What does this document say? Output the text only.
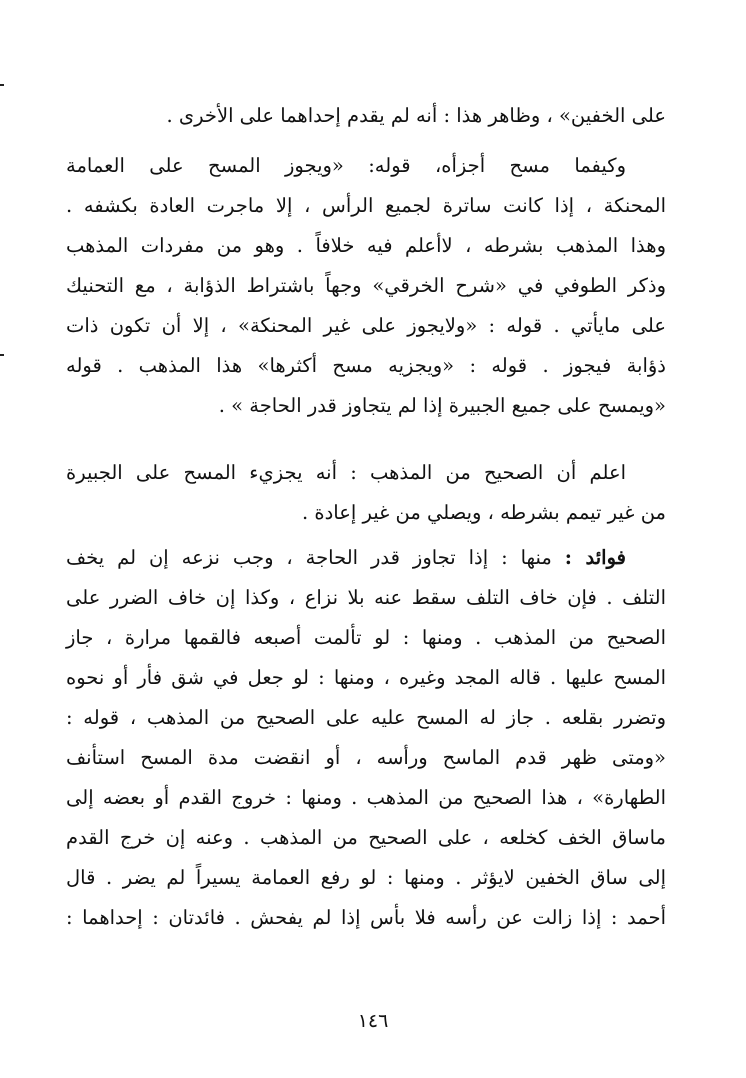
على الخفين» ، وظاهر هذا : أنه لم يقدم إحداهما على الأخرى .
وكيفما مسح أجزأه، قوله: «ويجوز المسح على العمامة
المحنكة ، إذا كانت ساترة لجميع الرأس ، إلا ماجرت العادة بكشفه .
وهذا المذهب بشرطه ، لاأعلم فيه خلافاً . وهو من مفردات المذهب
وذكر الطوفي في «شرح الخرقي» وجهاً باشتراط الذؤابة ، مع التحنيك
على مايأتي . قوله : «ولايجوز على غير المحنكة» ، إلا أن تكون ذات
ذؤابة فيجوز . قوله : «ويجزيه مسح أكثرها» هذا المذهب . قوله
«ويمسح على جميع الجبيرة إذا لم يتجاوز قدر الحاجة » .
اعلم أن الصحيح من المذهب : أنه يجزيء المسح على الجبيرة
من غير تيمم بشرطه ، ويصلي من غير إعادة .
فوائد : منها : إذا تجاوز قدر الحاجة ، وجب نزعه إن لم يخف
التلف . فإن خاف التلف سقط عنه بلا نزاع ، وكذا إن خاف الضرر على
الصحيح من المذهب . ومنها : لو تألمت أصبعه فالقمها مرارة ، جاز
المسح عليها . قاله المجد وغيره ، ومنها : لو جعل في شق فأر أو نحوه
وتضرر بقلعه . جاز له المسح عليه على الصحيح من المذهب ، قوله :
«ومتى ظهر قدم الماسح ورأسه ، أو انقضت مدة المسح استأنف
الطهارة» ، هذا الصحيح من المذهب . ومنها : خروج القدم أو بعضه إلى
ماساق الخف كخلعه ، على الصحيح من المذهب . وعنه إن خرج القدم
إلى ساق الخفين لايؤثر . ومنها : لو رفع العمامة يسيراً لم يضر . قال
أحمد : إذا زالت عن رأسه فلا بأس إذا لم يفحش . فائدتان : إحداهما :
١٤٦
